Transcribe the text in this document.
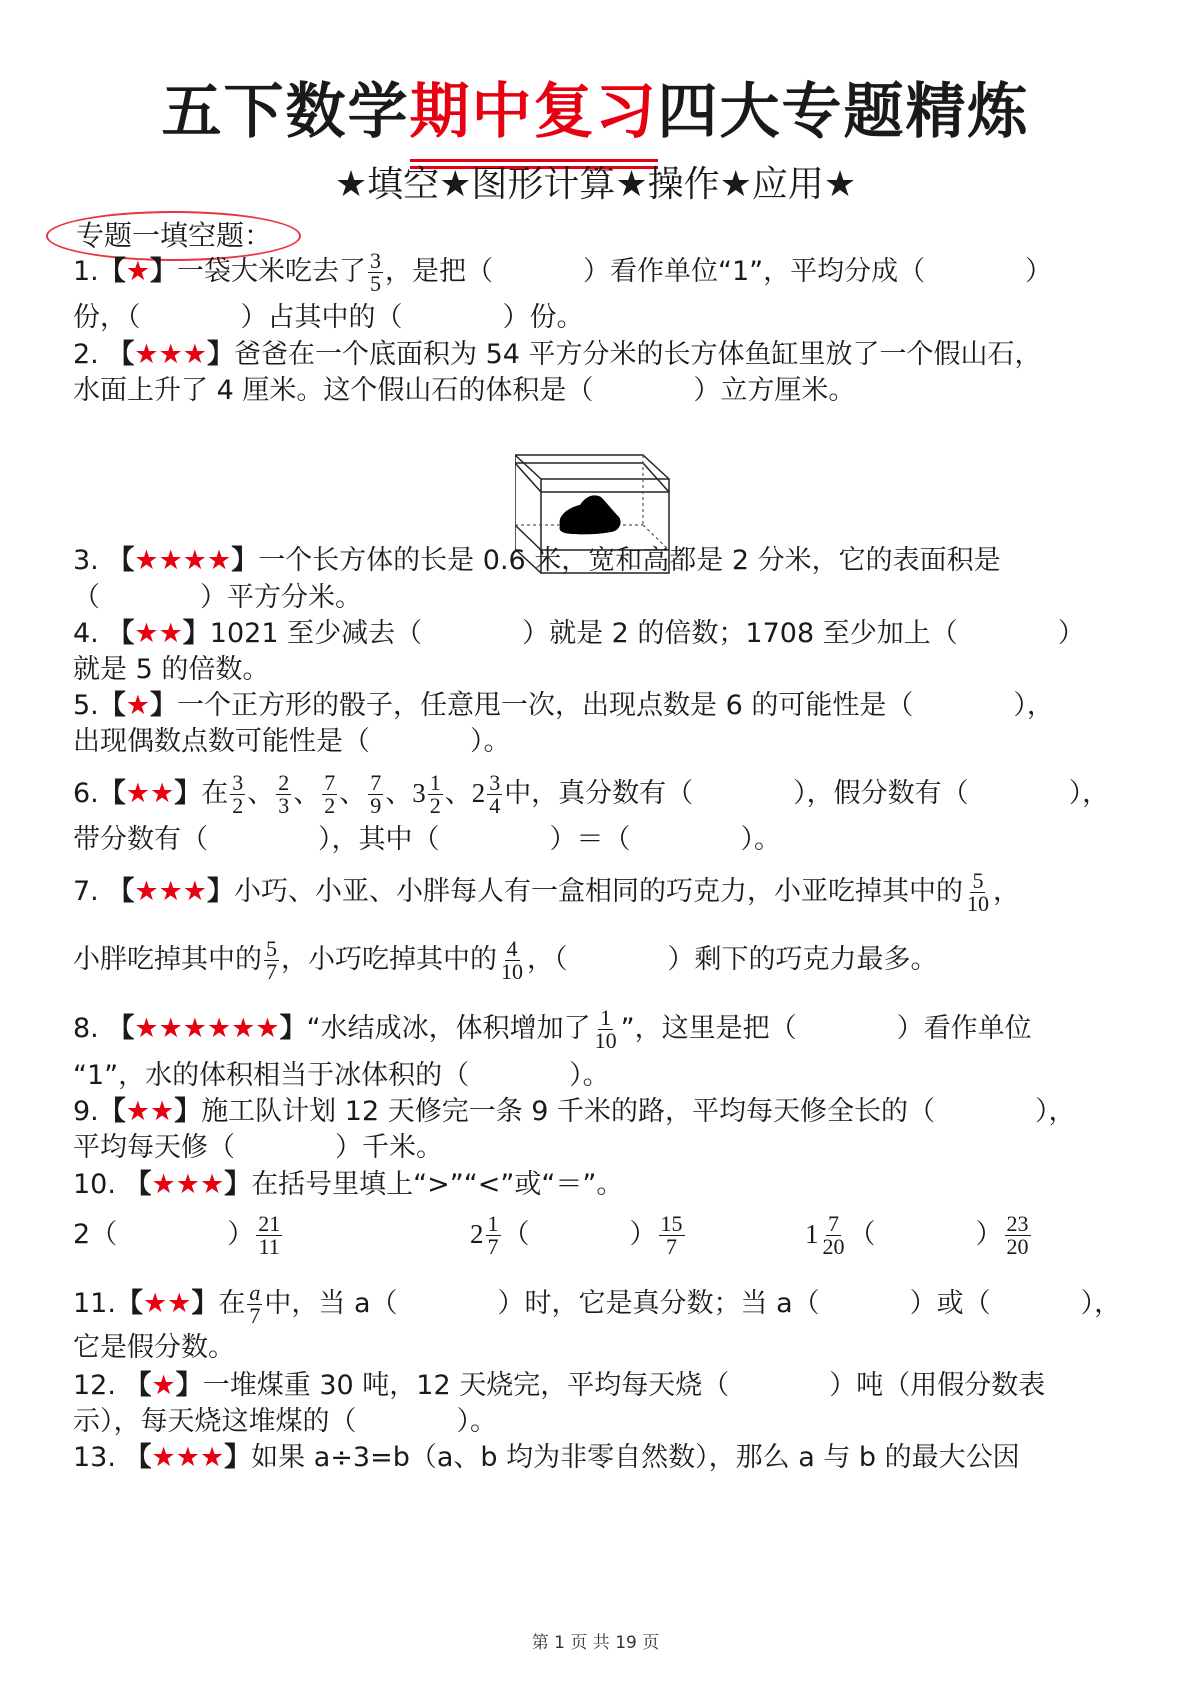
五下数学期中复习四大专题精炼
★填空★图形计算★操作★应用★
专题一填空题：
1.【★】一袋大米吃去了 $\frac{3}{5}$ ，是把（	）看作单位“1”，平均分成（	）
份，（	）占其中的（	）份。
2. 【★★★】爸爸在一个底面积为 54 平方分米的长方体鱼缸里放了一个假山石，
水面上升了 4 厘米。这个假山石的体积是（	）立方厘米。
3. 【★★★★】一个长方体的长是 0.6 米，宽和高都是 2 分米，它的表面积是
（	）平方分米。
4. 【★★】1021 至少减去（	）就是 2 的倍数；1708 至少加上（	）
就是 5 的倍数。
5.【★】一个正方形的骰子，任意甩一次，出现点数是 6 的可能性是（	），
出现偶数点数可能性是（	）。
6.【★★】在 $\frac{3}{2}$ 、 $\frac{2}{3}$ 、 $\frac{7}{2}$ 、 $\frac{7}{9}$ 、$3 \frac{1}{2}$ 、$2 \frac{3}{4}$ 中，真分数有（	），假分数有（	），
带分数有（	），其中（	）＝（	）。
7. 【★★★】小巧、小亚、小胖每人有一盒相同的巧克力，小亚吃掉其中的 $\frac{5}{10}$ ，
小胖吃掉其中的 $\frac{5}{7}$ ，小巧吃掉其中的 $\frac{4}{10}$ ，（	）剩下的巧克力最多。
8. 【★★★★★★】“水结成冰，体积增加了 $\frac{1}{10}$ ”，这里是把（	）看作单位
“1”，水的体积相当于冰体积的（	）。
9.【★★】施工队计划 12 天修完一条 9 千米的路，平均每天修全长的（	），
平均每天修（	）千米。
10. 【★★★】在括号里填上“>”“<”或“＝”。
2（	） $\frac{21}{11}$	$2 \frac{1}{7}$ （	） $\frac{15}{7}$	$1 \frac{7}{20}$ （	） $\frac{23}{20}$
11.【★★】在 $\frac{a}{7}$ 中，当 a（	）时，它是真分数；当 a（	）或（	），
它是假分数。
12. 【★】一堆煤重 30 吨，12 天烧完，平均每天烧（	）吨（用假分数表
示），每天烧这堆煤的（	）。
13. 【★★★】如果 a÷3=b（a、b 均为非零自然数），那么 a 与 b 的最大公因
第 1 页 共 19 页
